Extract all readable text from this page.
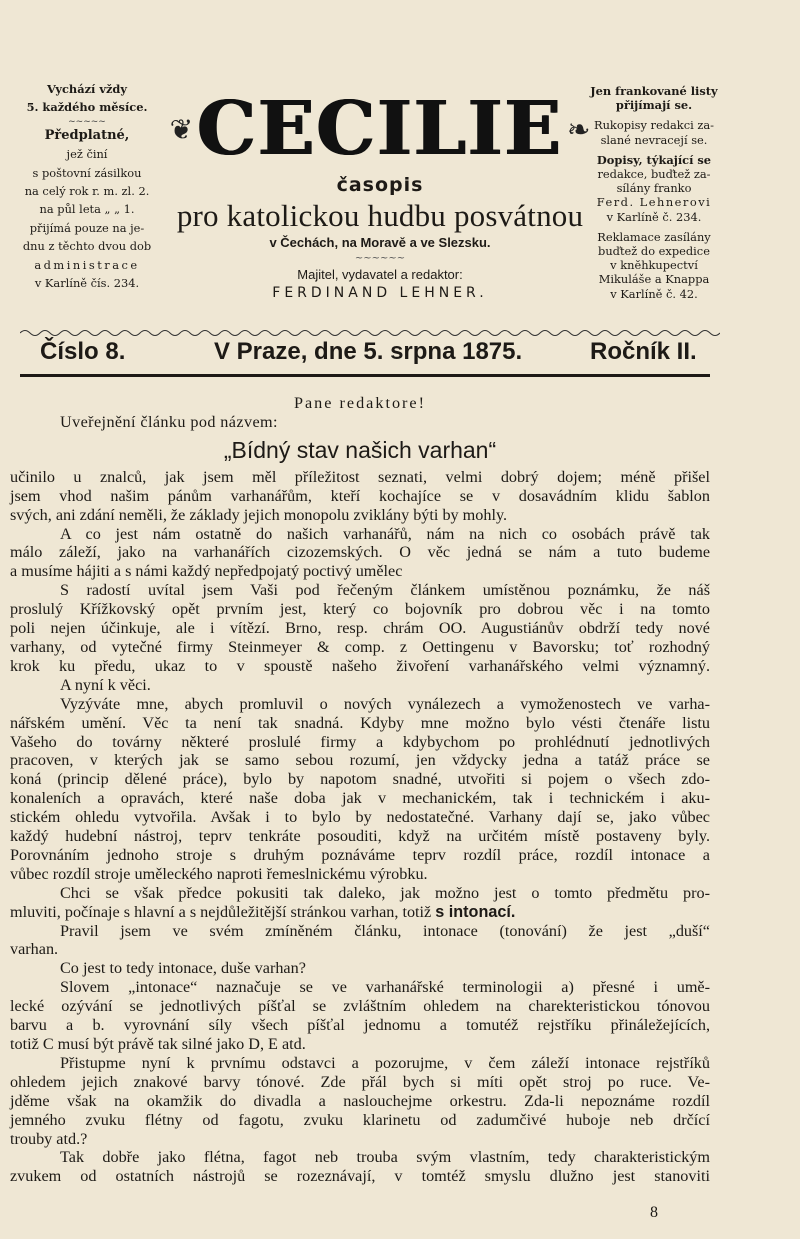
Vychází vždy
5. každého měsíce.
~~~~~
Předplatné,
jež činí
s poštovní zásilkou
na celý rok r. m. zl. 2.
na půl leta „ „ 1.
přijímá pouze na je-
dnu z těchto dvou dob
administrace
v Karlíně čís. 234.
❦ CECILIE ❧
časopis
pro katolickou hudbu posvátnou
v Čechách, na Moravě a ve Slezsku.
~~~~~~
Majitel, vydavatel a redaktor:
FERDINAND LEHNER.
Jen frankované listy
přijímají se.
Rukopisy redakci za-
slané nevracejí se.
Dopisy, týkající se
redakce, buďtež za-
sílány franko
Ferd. Lehnerovi
v Karlíně č. 234.
Reklamace zasílány
buďtež do expedice
v knĕhkupectví
Mikuláše a Knappa
v Karlíně č. 42.
Číslo 8.	V Praze, dne 5. srpna 1875.	Ročník II.

Pane redaktore!

Uveřejnění článku pod názvem:

„Bídný stav našich varhan“

učinilo u znalců, jak jsem měl příležitost seznati, velmi dobrý dojem; méně přišel

jsem vhod našim pánům varhanářům, kteří kochajíce se v dosavádním klidu šablon

svých, ani zdání neměli, že základy jejich monopolu zviklány býti by mohly.

A co jest nám ostatně do našich varhanářů, nám na nich co osobách právě tak

málo záleží, jako na varhanářích cizozemských. O věc jedná se nám a tuto budeme

a musíme hájiti a s námi každý nepředpojatý poctivý umělec

S radostí uvítal jsem Vaši pod řečeným článkem umístěnou poznámku, že náš

proslulý Křížkovský opět prvním jest, který co bojovník pro dobrou věc i na tomto

poli nejen účinkuje, ale i vítězí. Brno, resp. chrám OO. Augustiánův obdrží tedy nové

varhany, od vytečné firmy Steinmeyer & comp. z Oettingenu v Bavorsku; toť rozhodný

krok ku předu, ukaz to v spoustě našeho živoření varhanářského velmi významný.

A nyní k věci.

Vyzýváte mne, abych promluvil o nových vynálezech a vymoženostech ve varha-

nářském umění. Věc ta není tak snadná. Kdyby mne možno bylo vésti čtenáře listu

Vašeho do továrny některé proslulé firmy a kdybychom po prohlédnutí jednotlivých

pracoven, v kterých jak se samo sebou rozumí, jen vždycky jedna a tatáž práce se

koná (princip dělené práce), bylo by napotom snadné, utvořiti si pojem o všech zdo-

konaleních a opravách, které naše doba jak v mechanickém, tak i technickém i aku-

stickém ohledu vytvořila. Avšak i to bylo by nedostatečné. Varhany dají se, jako vůbec

každý hudební nástroj, teprv tenkráte posouditi, když na určitém místě postaveny byly.

Porovnáním jednoho stroje s druhým poznáváme teprv rozdíl práce, rozdíl intonace a

vůbec rozdíl stroje uměleckého naproti řemeslnickému výrobku.

Chci se však předce pokusiti tak daleko, jak možno jest o tomto předmětu pro-

mluviti, počínaje s hlavní a s nejdůležitější stránkou varhan, totiž s intonací.

Pravil jsem ve svém zmíněném článku, intonace (tonování) že jest „duší“

varhan.

Co jest to tedy intonace, duše varhan?

Slovem „intonace“ naznačuje se ve varhanářské terminologii a) přesné i umě-

lecké ozývání se jednotlivých píšťal se zvláštním ohledem na charekteristickou tónovou

barvu a b. vyrovnání síly všech píšťal jednomu a tomutéž rejstříku přináležejících,

totiž C musí být právě tak silné jako D, E atd.

Přistupme nyní k prvnímu odstavci a pozorujme, v čem záleží intonace rejstříků

ohledem jejich znakové barvy tónové. Zde přál bych si míti opět stroj po ruce. Ve-

jděme však na okamžik do divadla a naslouchejme orkestru. Zda-li nepoznáme rozdíl

jemného zvuku flétny od fagotu, zvuku klarinetu od zadumčivé huboje neb drčící

trouby atd.?

Tak dobře jako flétna, fagot neb trouba svým vlastním, tedy charakteristickým

zvukem od ostatních nástrojů se rozeznávají, v tomtéž smyslu dlužno jest stanoviti

8
